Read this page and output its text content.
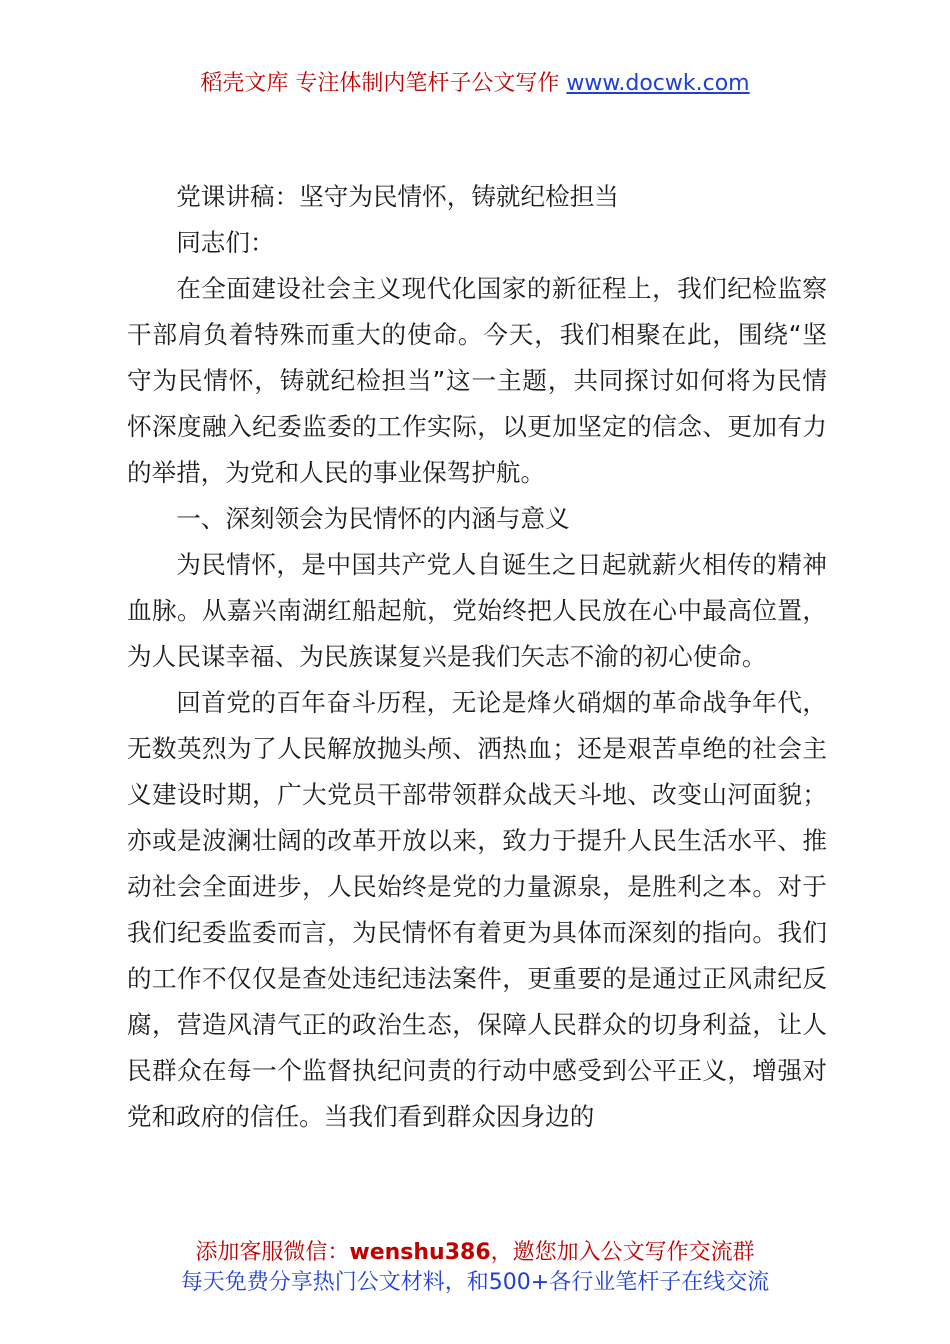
稻壳文库 专注体制内笔杆子公文写作 www.docwk.com

党课讲稿：坚守为民情怀，铸就纪检担当

同志们：

在全面建设社会主义现代化国家的新征程上，我们纪检监察干部肩负着特殊而重大的使命。今天，我们相聚在此，围绕“坚守为民情怀，铸就纪检担当”这一主题，共同探讨如何将为民情怀深度融入纪委监委的工作实际，以更加坚定的信念、更加有力的举措，为党和人民的事业保驾护航。

一、深刻领会为民情怀的内涵与意义

为民情怀，是中国共产党人自诞生之日起就薪火相传的精神血脉。从嘉兴南湖红船起航，党始终把人民放在心中最高位置，为人民谋幸福、为民族谋复兴是我们矢志不渝的初心使命。

回首党的百年奋斗历程，无论是烽火硝烟的革命战争年代，无数英烈为了人民解放抛头颅、洒热血；还是艰苦卓绝的社会主义建设时期，广大党员干部带领群众战天斗地、改变山河面貌；亦或是波澜壮阔的改革开放以来，致力于提升人民生活水平、推动社会全面进步，人民始终是党的力量源泉，是胜利之本。对于我们纪委监委而言，为民情怀有着更为具体而深刻的指向。我们的工作不仅仅是查处违纪违法案件，更重要的是通过正风肃纪反腐，营造风清气正的政治生态，保障人民群众的切身利益，让人民群众在每一个监督执纪问责的行动中感受到公平正义，增强对党和政府的信任。当我们看到群众因身边的

添加客服微信：wenshu386，邀您加入公文写作交流群
每天免费分享热门公文材料，和500+各行业笔杆子在线交流
